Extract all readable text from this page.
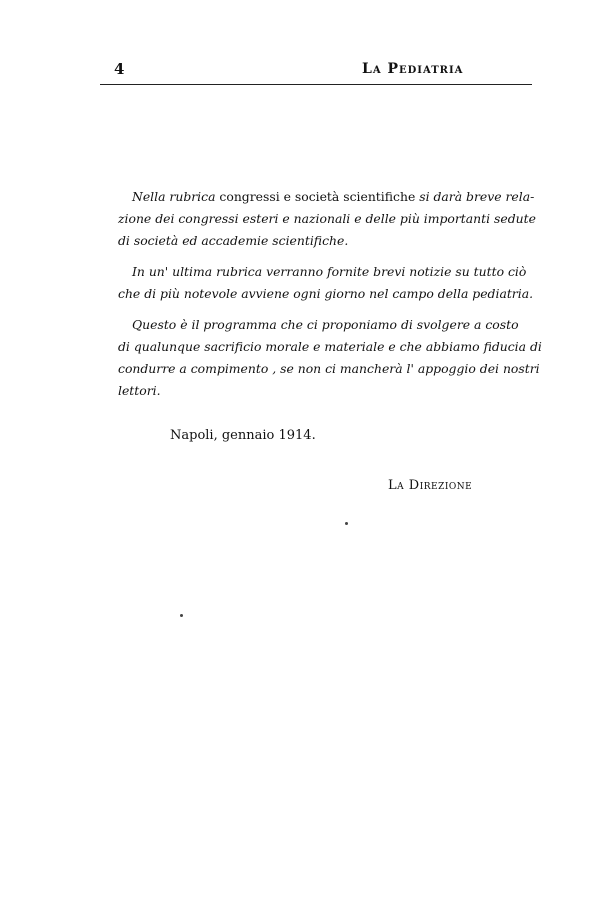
4	La Pediatria

Nella rubrica congressi e società scientifiche si darà breve rela-
zione dei congressi esteri e nazionali e delle più importanti sedute
di società ed accademie scientifiche.

In un' ultima rubrica verranno fornite brevi notizie su tutto ciò
che di più notevole avviene ogni giorno nel campo della pediatria.

Questo è il programma che ci proponiamo di svolgere a costo
di qualunque sacrificio morale e materiale e che abbiamo fiducia di
condurre a compimento , se non ci mancherà l' appoggio dei nostri
lettori.

Napoli, gennaio 1914.
La Direzione
